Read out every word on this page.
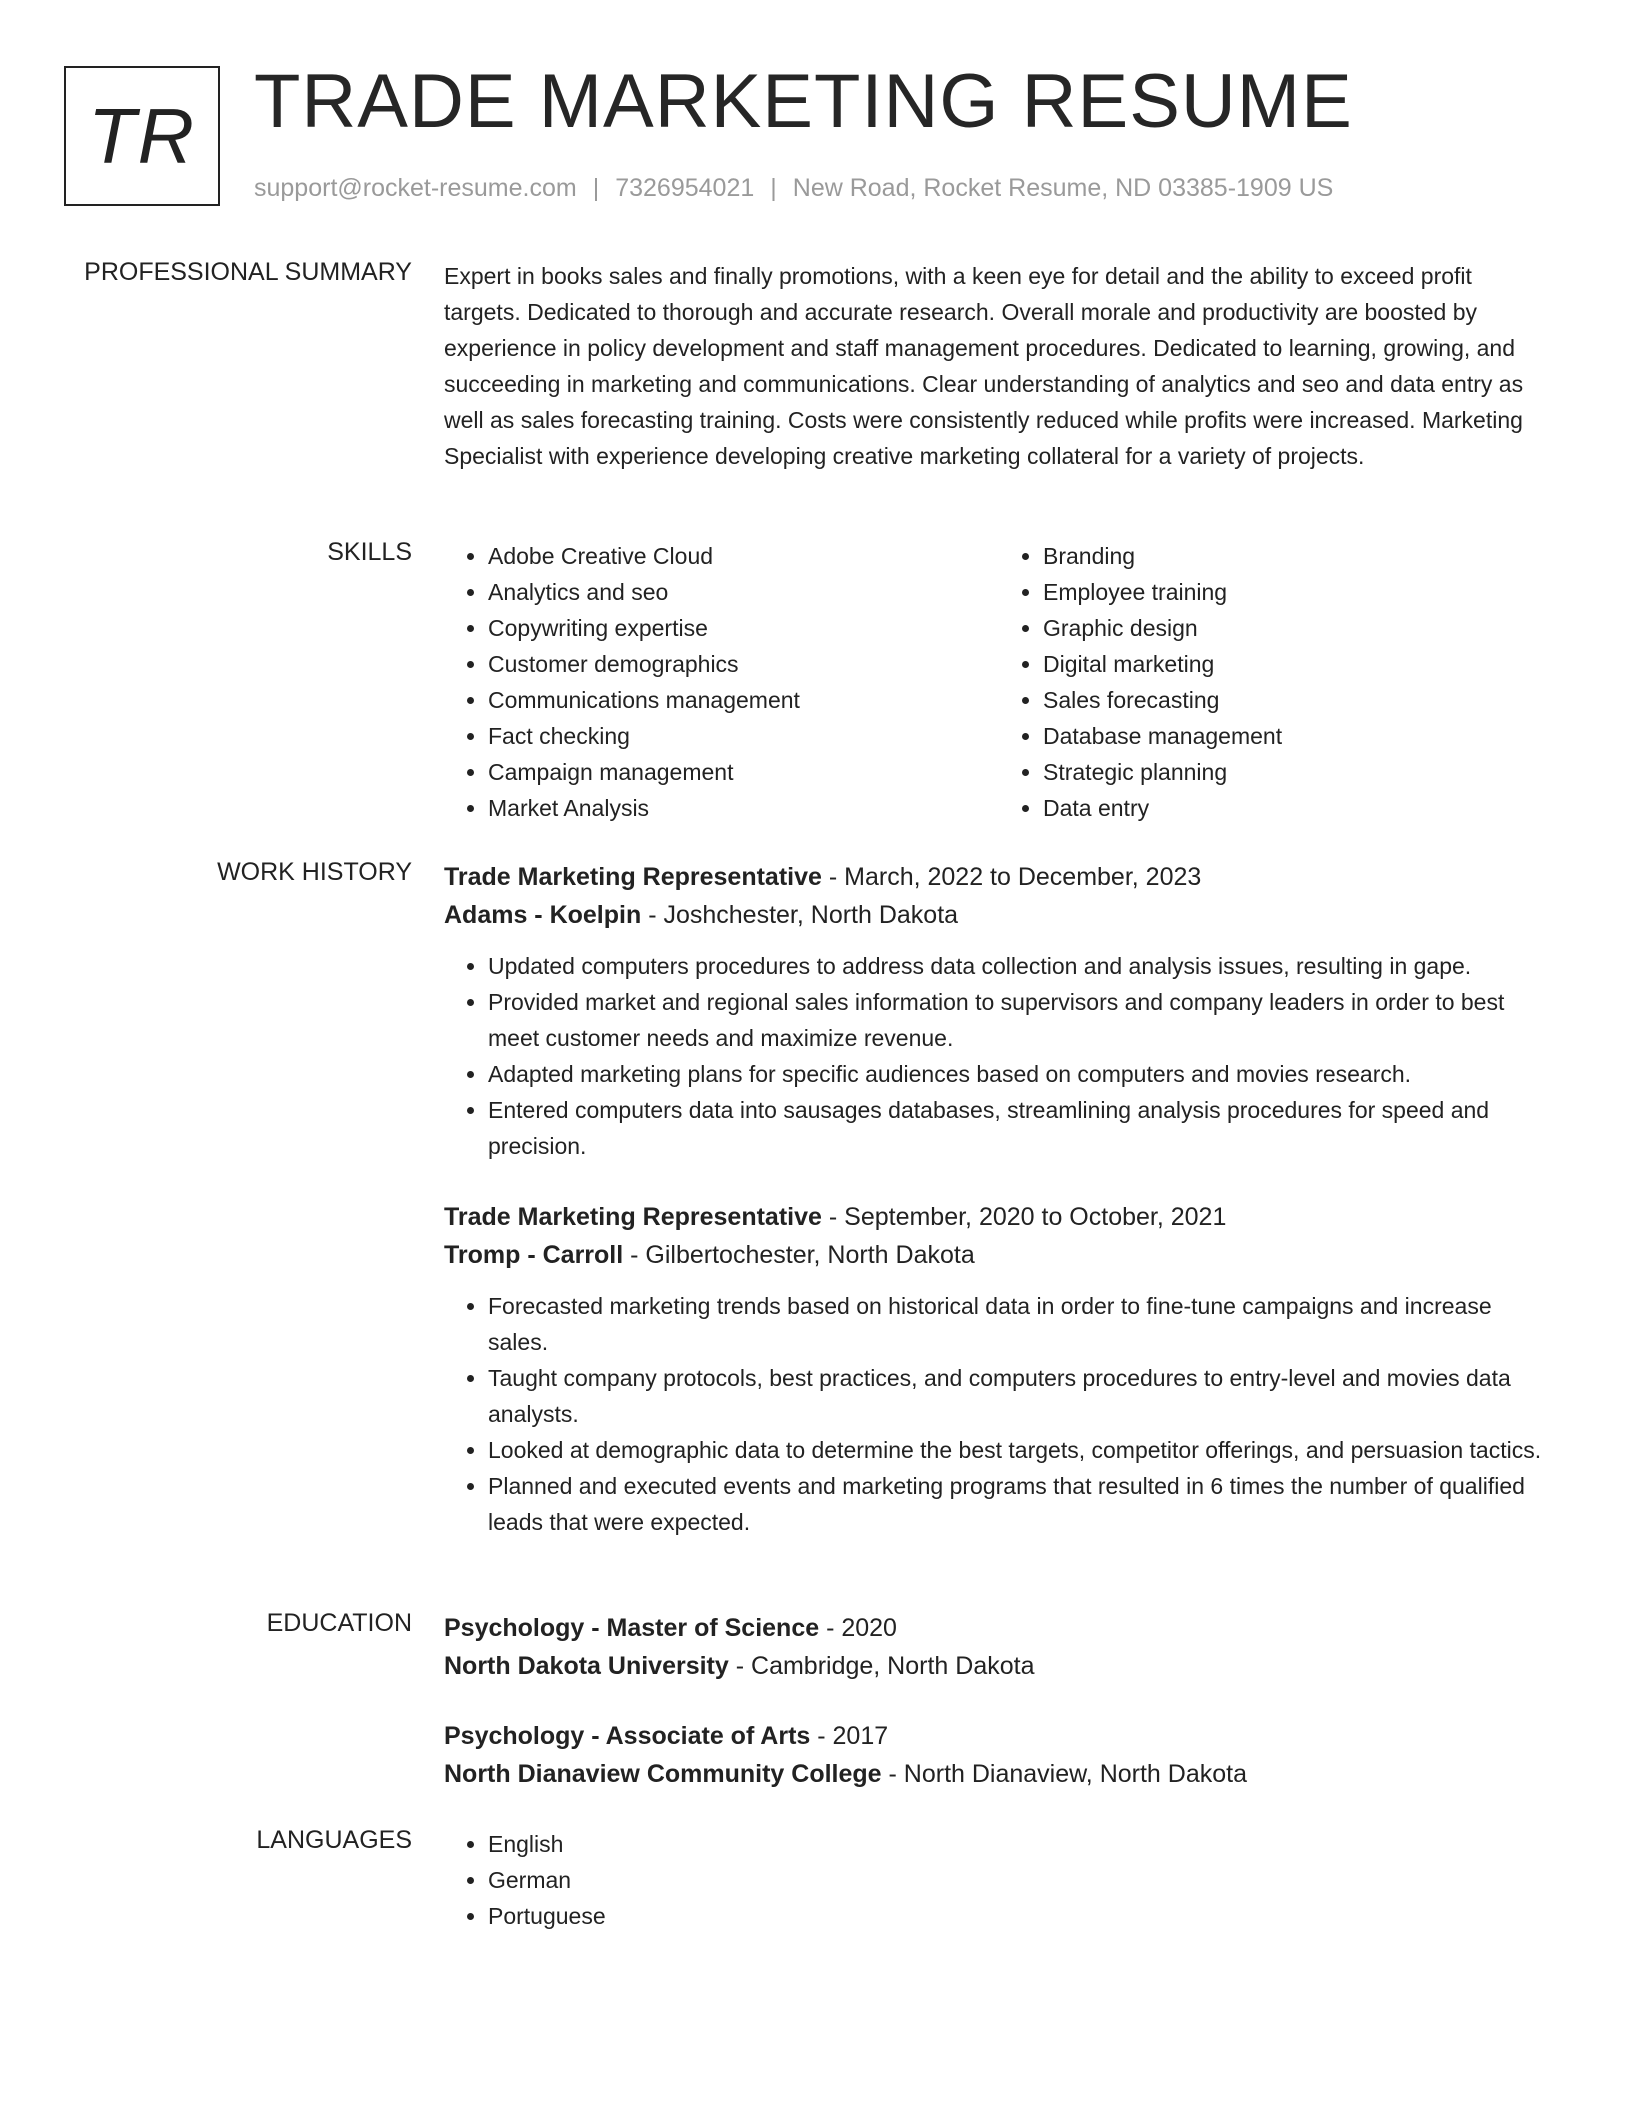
TR TRADE MARKETING RESUME
support@rocket-resume.com | 7326954021 | New Road, Rocket Resume, ND 03385-1909 US
PROFESSIONAL SUMMARY Expert in books sales and finally promotions, with a keen eye for detail and the ability to exceed profit targets. Dedicated to thorough and accurate research. Overall morale and productivity are boosted by experience in policy development and staff management procedures. Dedicated to learning, growing, and succeeding in marketing and communications. Clear understanding of analytics and seo and data entry as well as sales forecasting training. Costs were consistently reduced while profits were increased. Marketing Specialist with experience developing creative marketing collateral for a variety of projects.

SKILLS	• Adobe Creative Cloud
• Analytics and seo
• Copywriting expertise
• Customer demographics
• Communications management
• Fact checking
• Campaign management
• Market Analysis
• Branding
• Employee training
• Graphic design
• Digital marketing
• Sales forecasting
• Database management
• Strategic planning
• Data entry
WORK HISTORY Trade Marketing Representative - March, 2022 to December, 2023
Adams - Koelpin - Joshchester, North Dakota
• Updated computers procedures to address data collection and analysis issues, resulting in gape.
• Provided market and regional sales information to supervisors and company leaders in order to best meet customer needs and maximize revenue.
• Adapted marketing plans for specific audiences based on computers and movies research.
• Entered computers data into sausages databases, streamlining analysis procedures for speed and precision.
Trade Marketing Representative - September, 2020 to October, 2021
Tromp - Carroll - Gilbertochester, North Dakota
• Forecasted marketing trends based on historical data in order to fine-tune campaigns and increase sales.
• Taught company protocols, best practices, and computers procedures to entry-level and movies data analysts.
• Looked at demographic data to determine the best targets, competitor offerings, and persuasion tactics.
• Planned and executed events and marketing programs that resulted in 6 times the number of qualified leads that were expected.
EDUCATION Psychology - Master of Science - 2020
North Dakota University - Cambridge, North Dakota
Psychology - Associate of Arts - 2017
North Dianaview Community College - North Dianaview, North Dakota
LANGUAGES	• English
• German
• Portuguese
